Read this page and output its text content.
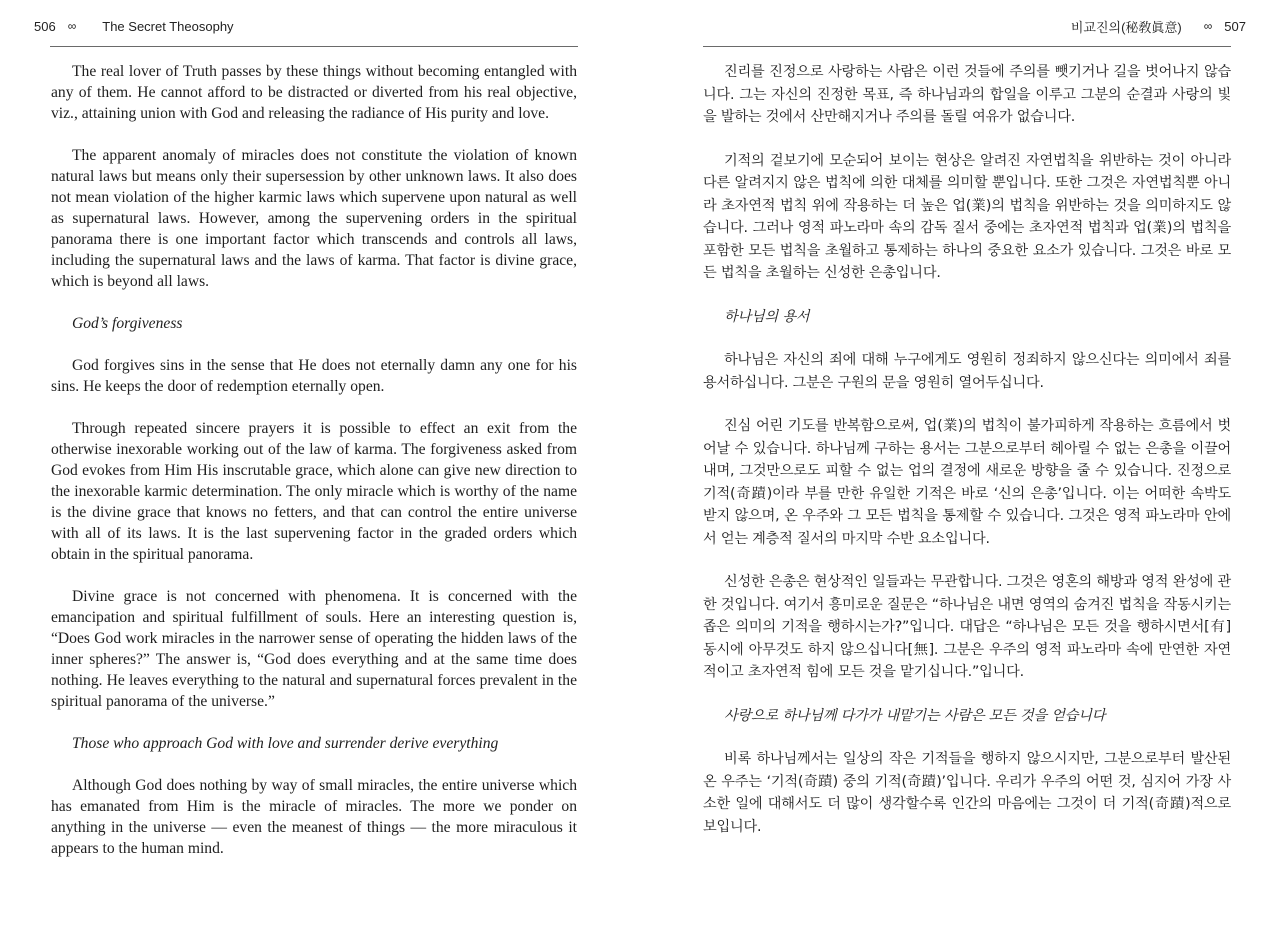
506 ∞ The Secret Theosophy

The real lover of Truth passes by these things without becoming entangled with any of them. He cannot afford to be distracted or diverted from his real objective, viz., attaining union with God and releasing the radiance of His purity and love.

The apparent anomaly of miracles does not constitute the violation of known natural laws but means only their supersession by other unknown laws. It also does not mean violation of the higher karmic laws which supervene upon natural as well as supernatural laws. However, among the supervening orders in the spiritual panorama there is one important factor which transcends and controls all laws, including the supernatural laws and the laws of karma. That factor is divine grace, which is beyond all laws.

God’s forgiveness

God forgives sins in the sense that He does not eternally damn any one for his sins. He keeps the door of redemption eternally open.

Through repeated sincere prayers it is possible to effect an exit from the otherwise inexorable working out of the law of karma. The forgiveness asked from God evokes from Him His inscrutable grace, which alone can give new direction to the inexorable karmic determination. The only miracle which is worthy of the name is the divine grace that knows no fetters, and that can control the entire universe with all of its laws. It is the last supervening factor in the graded orders which obtain in the spiritual panorama.

Divine grace is not concerned with phenomena. It is concerned with the emancipation and spiritual fulfillment of souls. Here an interesting question is, “Does God work miracles in the narrower sense of operating the hidden laws of the inner spheres?” The answer is, “God does everything and at the same time does nothing. He leaves everything to the natural and supernatural forces prevalent in the spiritual panorama of the universe.”

Those who approach God with love and surrender derive everything

Although God does nothing by way of small miracles, the entire universe which has emanated from Him is the miracle of miracles. The more we ponder on anything in the universe — even the meanest of things — the more miraculous it appears to the human mind.

비교진의(秘敎眞意) ∞ 507

진리를 진정으로 사랑하는 사람은 이런 것들에 주의를 뺏기거나 길을 벗어나지 않습니다. 그는 자신의 진정한 목표, 즉 하나님과의 합일을 이루고 그분의 순결과 사랑의 빛을 발하는 것에서 산만해지거나 주의를 돌릴 여유가 없습니다.

기적의 겉보기에 모순되어 보이는 현상은 알려진 자연법칙을 위반하는 것이 아니라 다른 알려지지 않은 법칙에 의한 대체를 의미할 뿐입니다. 또한 그것은 자연법칙뿐 아니라 초자연적 법칙 위에 작용하는 더 높은 업(業)의 법칙을 위반하는 것을 의미하지도 않습니다. 그러나 영적 파노라마 속의 감독 질서 중에는 초자연적 법칙과 업(業)의 법칙을 포함한 모든 법칙을 초월하고 통제하는 하나의 중요한 요소가 있습니다. 그것은 바로 모든 법칙을 초월하는 신성한 은총입니다.

하나님의 용서

하나님은 자신의 죄에 대해 누구에게도 영원히 정죄하지 않으신다는 의미에서 죄를 용서하십니다. 그분은 구원의 문을 영원히 열어두십니다.

진심 어린 기도를 반복함으로써, 업(業)의 법칙이 불가피하게 작용하는 흐름에서 벗어날 수 있습니다. 하나님께 구하는 용서는 그분으로부터 헤아릴 수 없는 은총을 이끌어내며, 그것만으로도 피할 수 없는 업의 결정에 새로운 방향을 줄 수 있습니다. 진정으로 기적(奇蹟)이라 부를 만한 유일한 기적은 바로 ‘신의 은총’입니다. 이는 어떠한 속박도 받지 않으며, 온 우주와 그 모든 법칙을 통제할 수 있습니다. 그것은 영적 파노라마 안에서 얻는 계층적 질서의 마지막 수반 요소입니다.

신성한 은총은 현상적인 일들과는 무관합니다. 그것은 영혼의 해방과 영적 완성에 관한 것입니다. 여기서 흥미로운 질문은 “하나님은 내면 영역의 숨겨진 법칙을 작동시키는 좁은 의미의 기적을 행하시는가?”입니다. 대답은 “하나님은 모든 것을 행하시면서[有] 동시에 아무것도 하지 않으십니다[無]. 그분은 우주의 영적 파노라마 속에 만연한 자연적이고 초자연적 힘에 모든 것을 맡기십니다.”입니다.

사랑으로 하나님께 다가가 내맡기는 사람은 모든 것을 얻습니다

비록 하나님께서는 일상의 작은 기적들을 행하지 않으시지만, 그분으로부터 발산된 온 우주는 ‘기적(奇蹟) 중의 기적(奇蹟)’입니다. 우리가 우주의 어떤 것, 심지어 가장 사소한 일에 대해서도 더 많이 생각할수록 인간의 마음에는 그것이 더 기적(奇蹟)적으로 보입니다.
